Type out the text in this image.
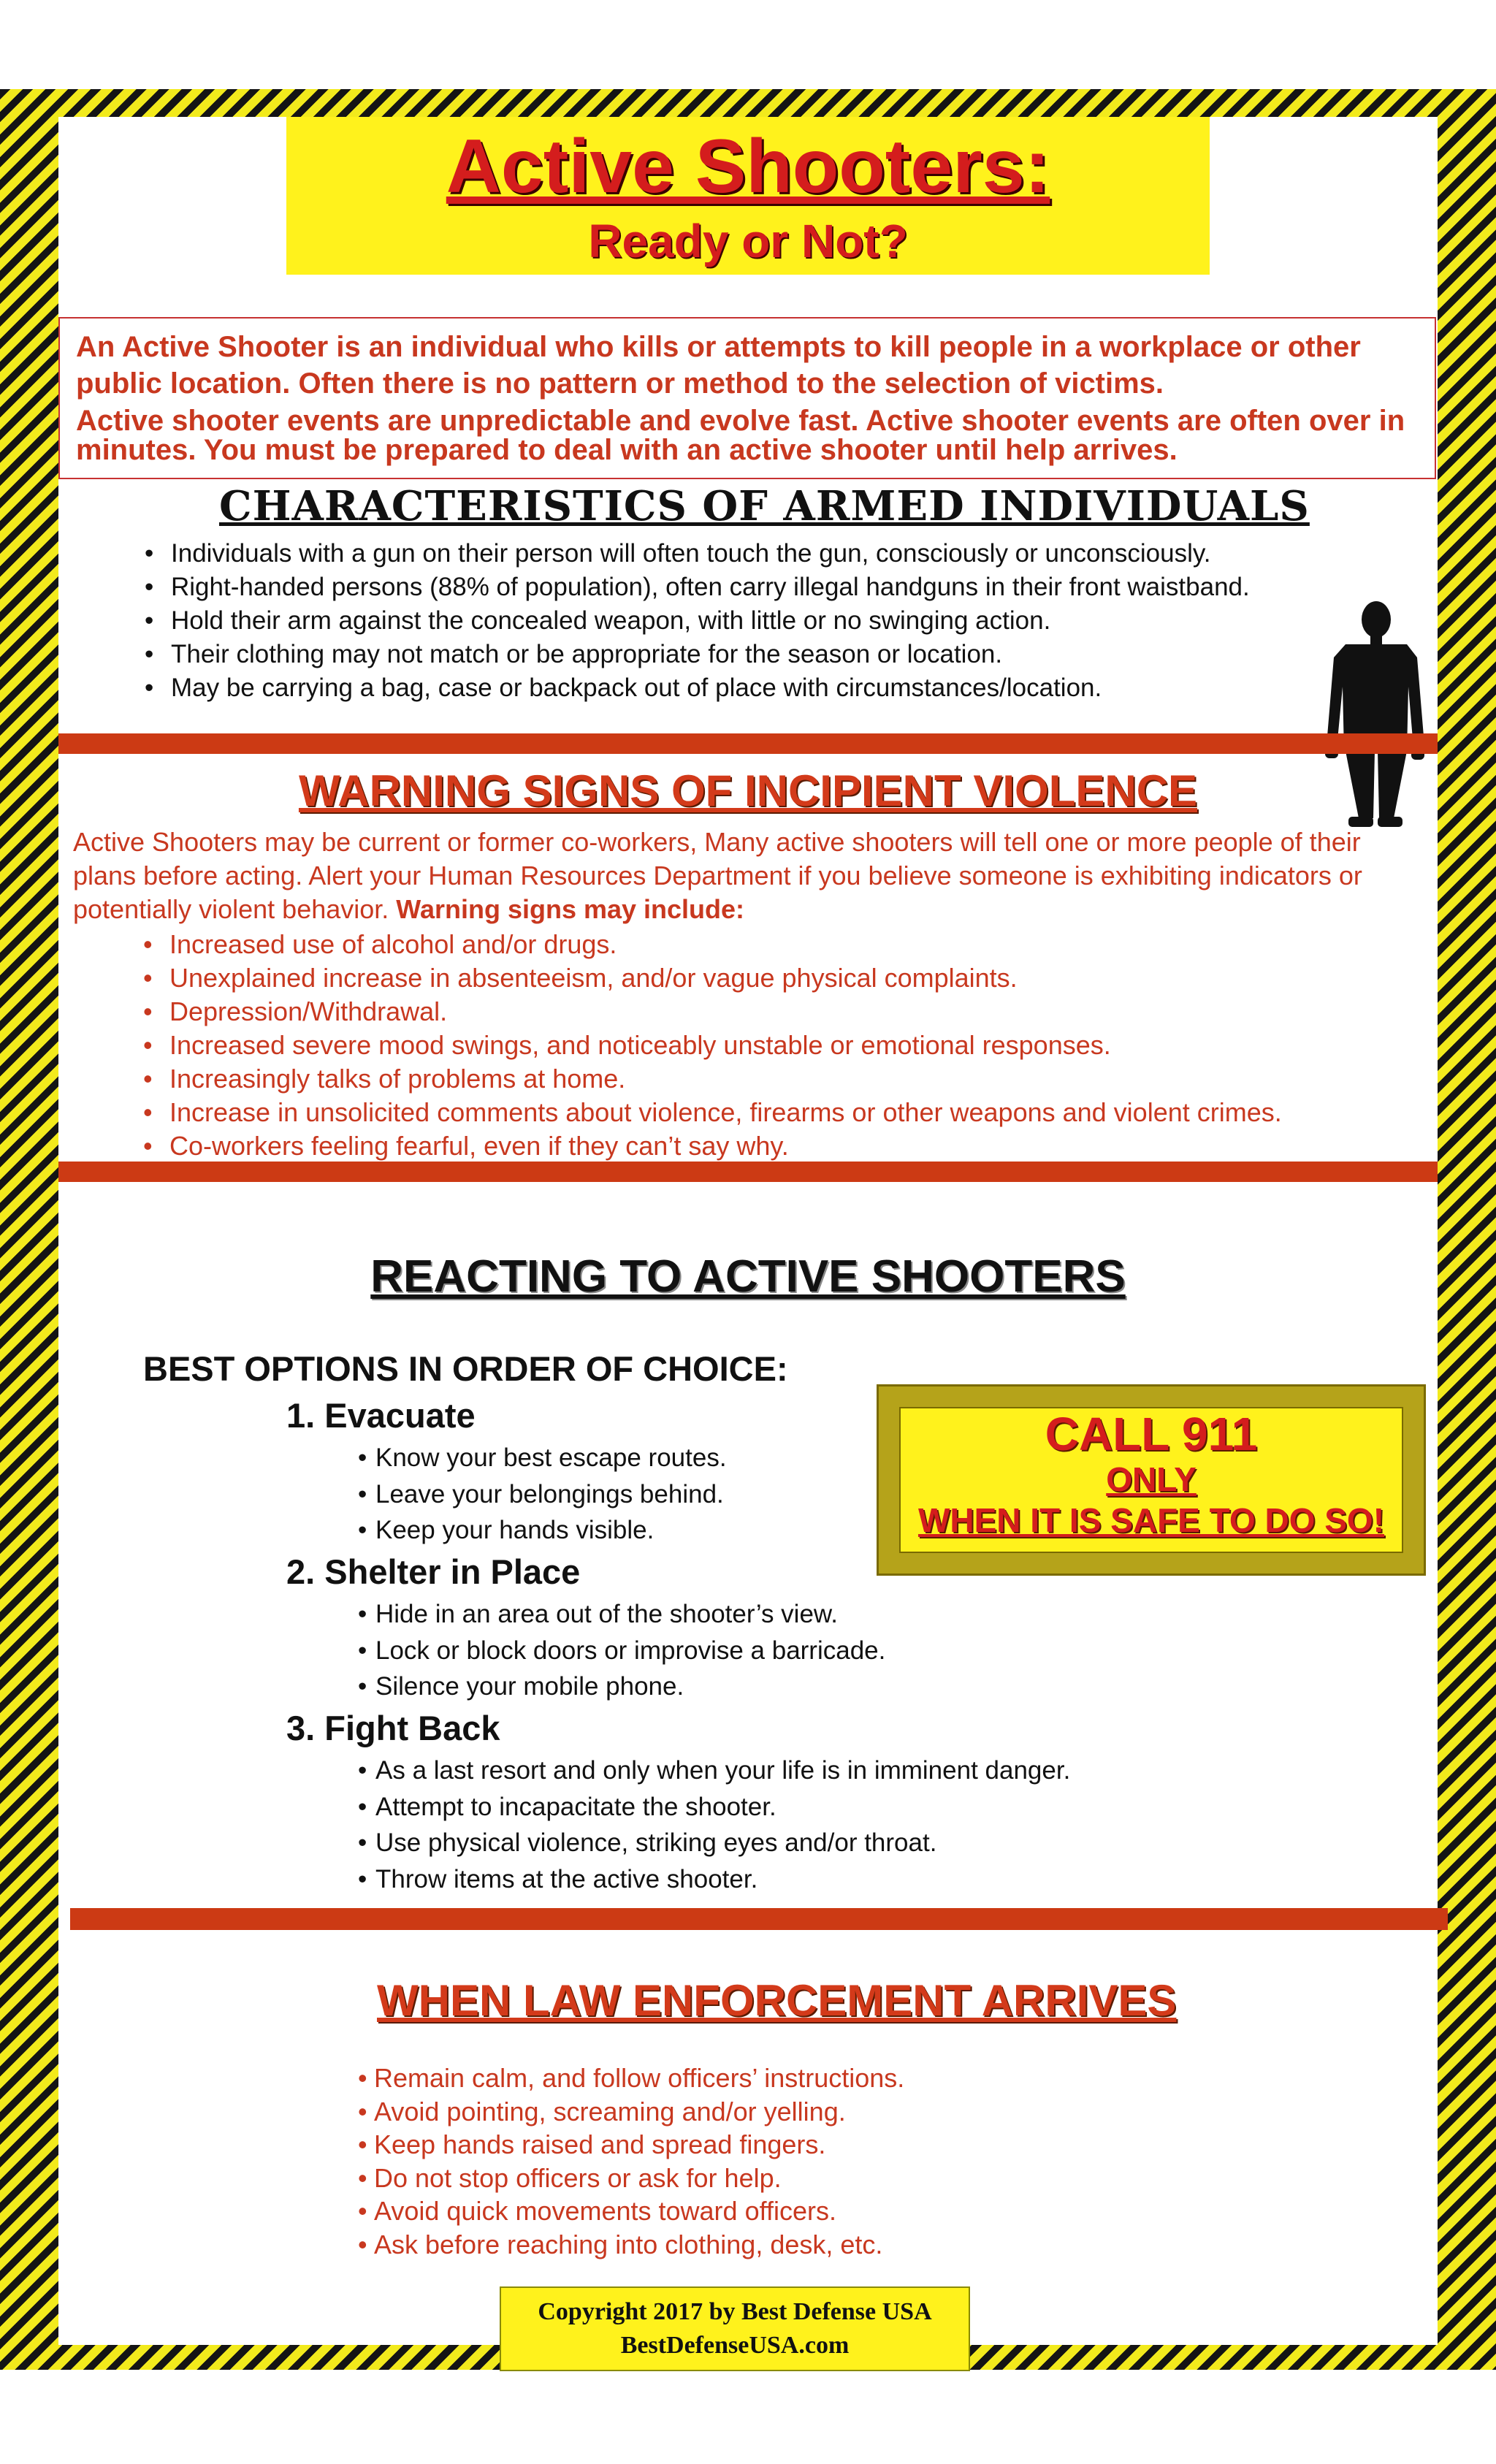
Active Shooters:
Ready or Not?

An Active Shooter is an individual who kills or attempts to kill people in a workplace or other public location. Often there is no pattern or method to the selection of victims.

Active shooter events are unpredictable and evolve fast. Active shooter events are often over in minutes. You must be prepared to deal with an active shooter until help arrives.

CHARACTERISTICS OF ARMED INDIVIDUALS
• Individuals with a gun on their person will often touch the gun, consciously or unconsciously.
• Right-handed persons (88% of population), often carry illegal handguns in their front waistband.
• Hold their arm against the concealed weapon, with little or no swinging action.
• Their clothing may not match or be appropriate for the season or location.
• May be carrying a bag, case or backpack out of place with circumstances/location.
WARNING SIGNS OF INCIPIENT VIOLENCE
Active Shooters may be current or former co-workers, Many active shooters will tell one or more people of their plans before acting. Alert your Human Resources Department if you believe someone is exhibiting indicators or potentially violent behavior. Warning signs may include:
• Increased use of alcohol and/or drugs.
• Unexplained increase in absenteeism, and/or vague physical complaints.
• Depression/Withdrawal.
• Increased severe mood swings, and noticeably unstable or emotional responses.
• Increasingly talks of problems at home.
• Increase in unsolicited comments about violence, firearms or other weapons and violent crimes.
• Co-workers feeling fearful, even if they can’t say why.
REACTING TO ACTIVE SHOOTERS
BEST OPTIONS IN ORDER OF CHOICE:
1. Evacuate
• Know your best escape routes.
• Leave your belongings behind.
• Keep your hands visible.
2. Shelter in Place
• Hide in an area out of the shooter’s view.
• Lock or block doors or improvise a barricade.
• Silence your mobile phone.
3. Fight Back
• As a last resort and only when your life is in imminent danger.
• Attempt to incapacitate the shooter.
• Use physical violence, striking eyes and/or throat.
• Throw items at the active shooter.
CALL 911
ONLY
WHEN IT IS SAFE TO DO SO!
WHEN LAW ENFORCEMENT ARRIVES
• Remain calm, and follow officers’ instructions.
• Avoid pointing, screaming and/or yelling.
• Keep hands raised and spread fingers.
• Do not stop officers or ask for help.
• Avoid quick movements toward officers.
• Ask before reaching into clothing, desk, etc.
Copyright 2017 by Best Defense USA
BestDefenseUSA.com
